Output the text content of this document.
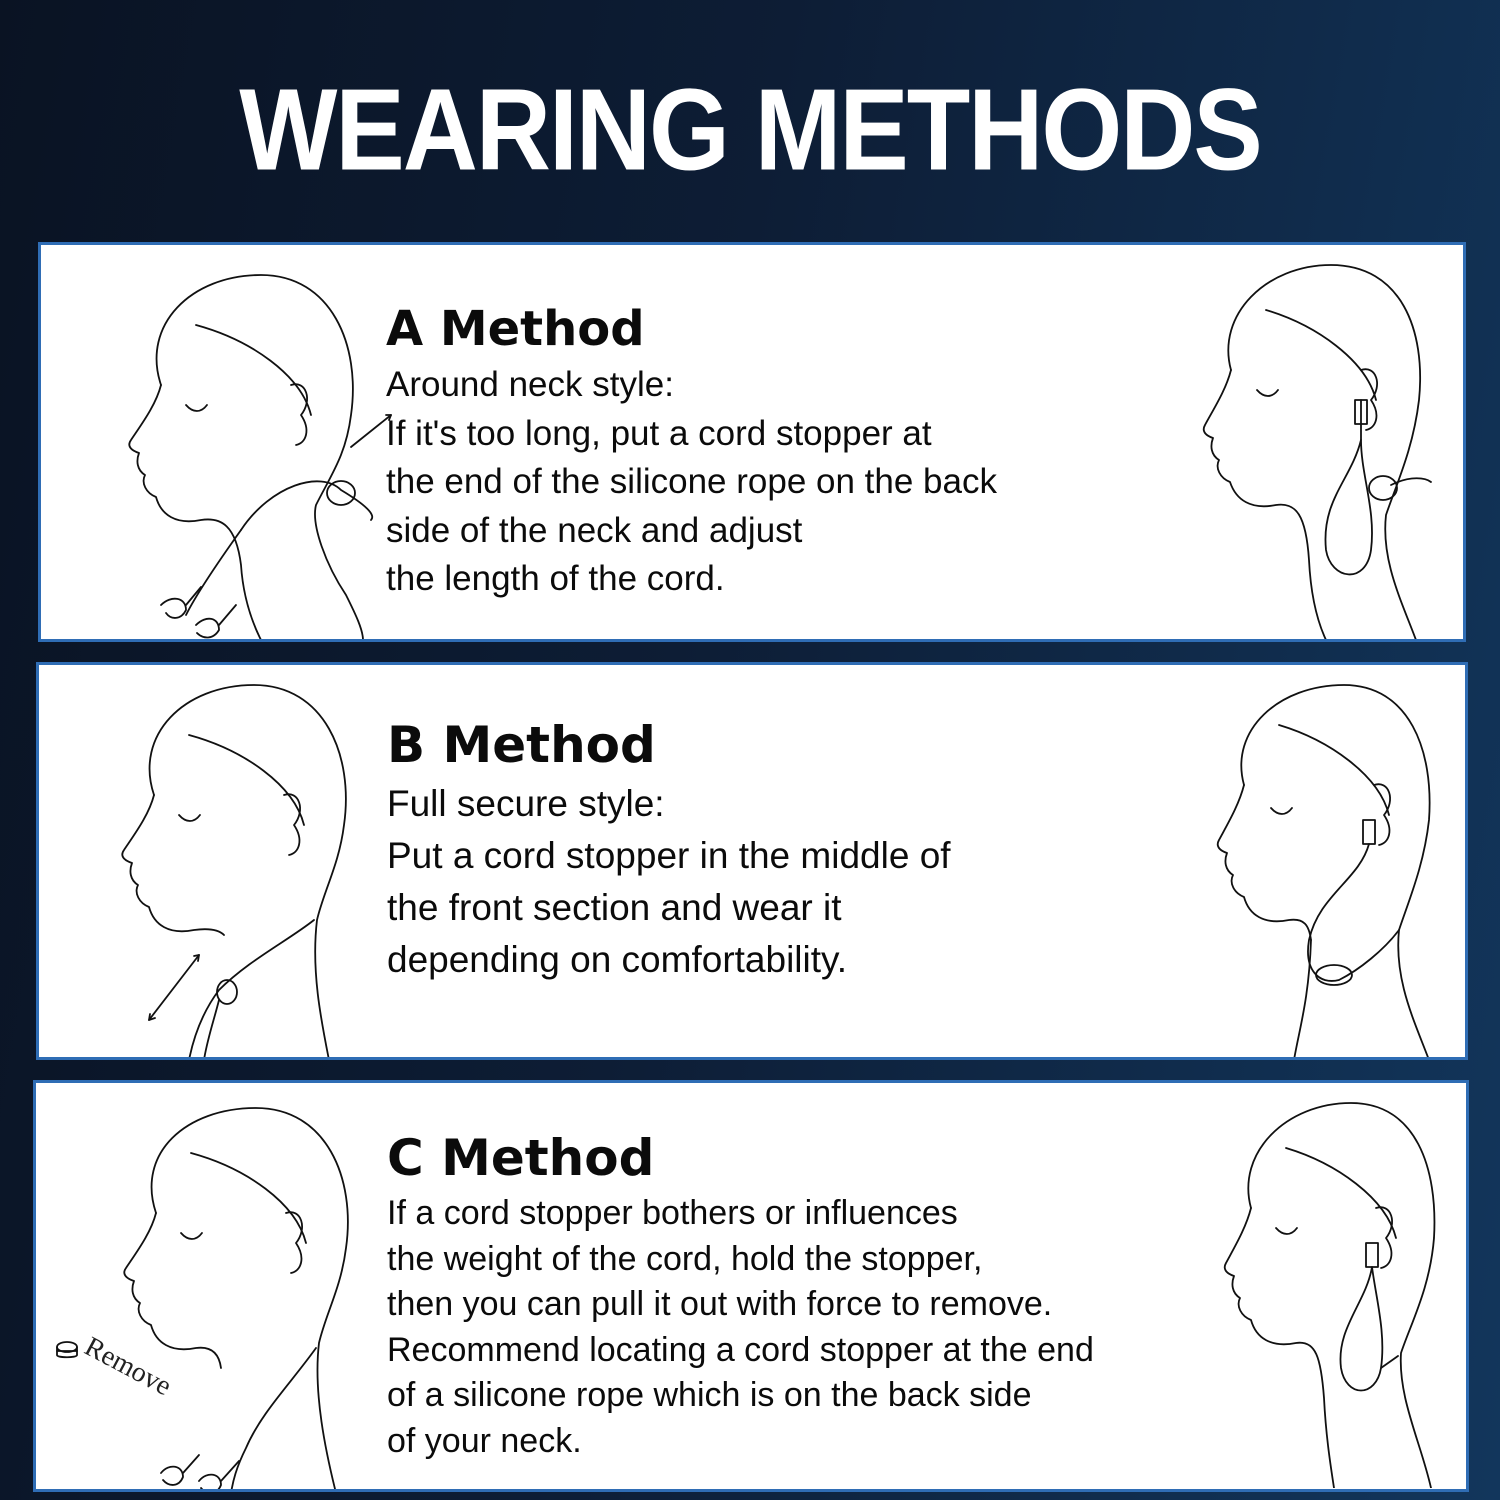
WEARING METHODS
A Method
Around neck style:
If it's too long, put a cord stopper at
the end of the silicone rope on the back
side of the neck and adjust
the length of the cord.
B Method
Full secure style:
Put a cord stopper in the middle of
the front section and wear it
depending on comfortability.
Remove
C Method
If a cord stopper bothers or influences
the weight of the cord, hold the stopper,
then you can pull it out with force to remove.
Recommend locating a cord stopper at the end
of a silicone rope which is on the back side
of your neck.
